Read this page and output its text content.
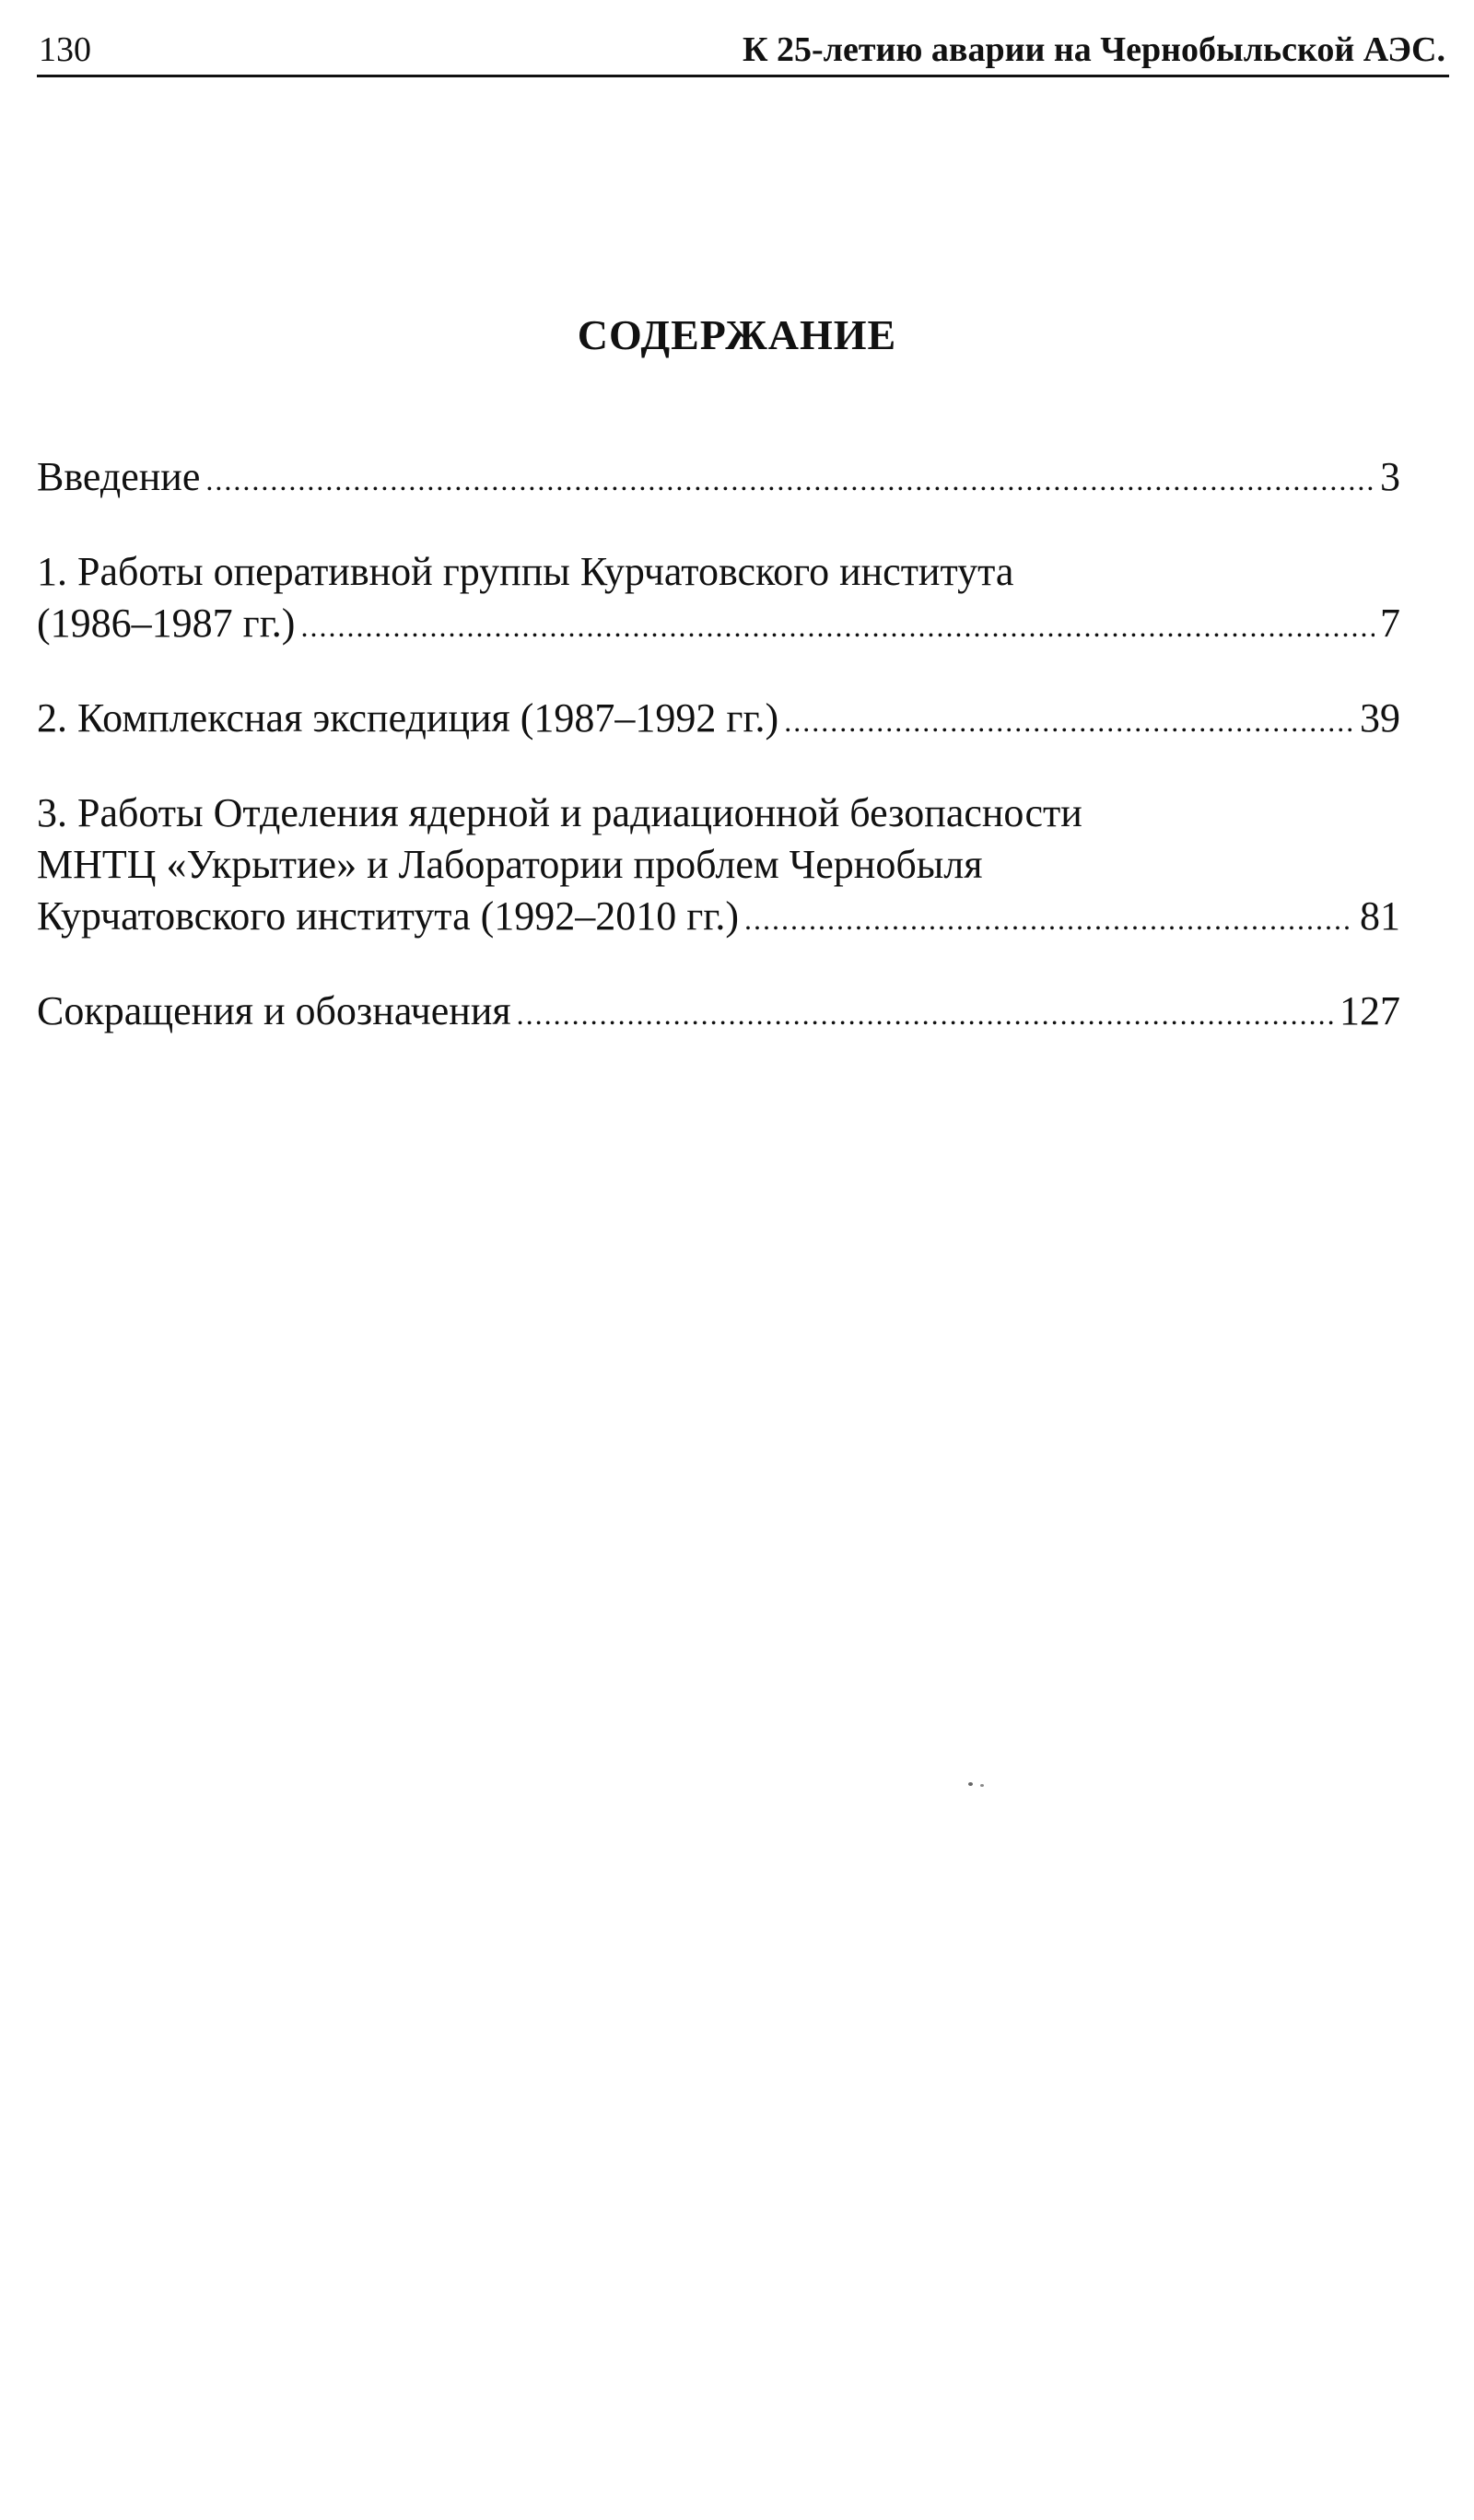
130	К 25-летию аварии на Чернобыльской АЭС.
СОДЕРЖАНИЕ
Введение .....	3
1. Работы оперативной группы Курчатовского института
(1986–1987 гг.) .....	7
2. Комплексная экспедиция (1987–1992 гг.) .....	39
3. Работы Отделения ядерной и радиационной безопасности
МНТЦ «Укрытие» и Лаборатории проблем Чернобыля
Курчатовского института (1992–2010 гг.) .....	81
Сокращения и обозначения .....	127
